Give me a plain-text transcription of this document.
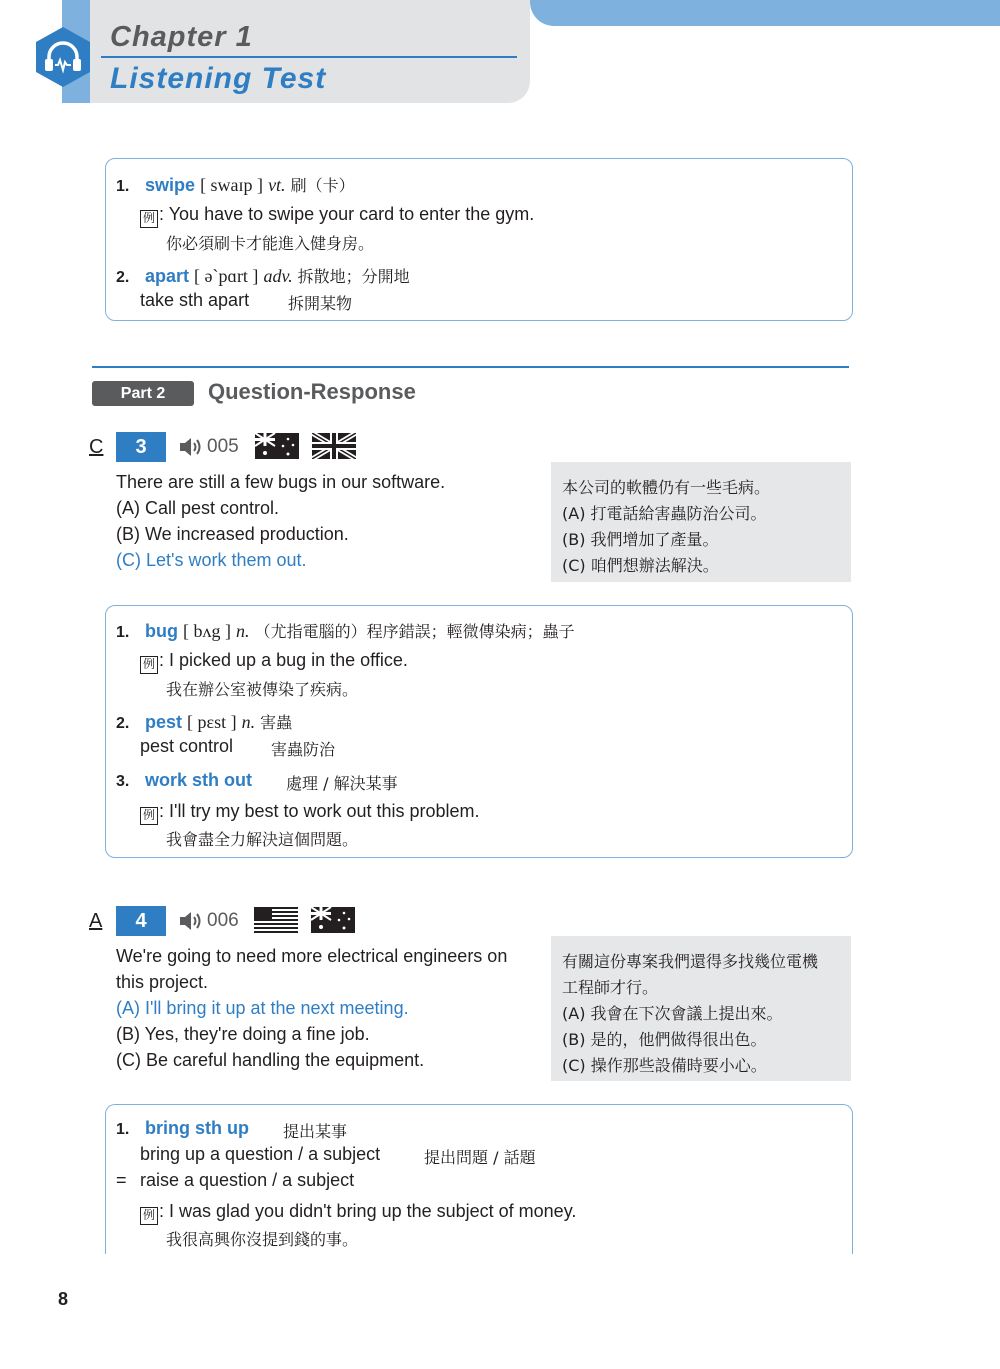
Chapter 1
Listening Test
1. swipe [ swaɪp ] vt. 刷（卡）
例 : You have to swipe your card to enter the gym.
你必須刷卡才能進入健身房。
2. apart [ əˋpɑrt ] adv. 拆散地；分開地
take sth apart 拆開某物
Part 2	Question-Response
C	3	005
There are still a few bugs in our software.
(A) Call pest control.
(B) We increased production.
(C) Let's work them out.
本公司的軟體仍有一些毛病。
(A) 打電話給害蟲防治公司。
(B) 我們增加了產量。
(C) 咱們想辦法解決。
1. bug [ bʌg ] n. （尤指電腦的）程序錯誤；輕微傳染病；蟲子
例 : I picked up a bug in the office.
我在辦公室被傳染了疾病。
2. pest [ pɛst ] n. 害蟲
pest control 害蟲防治
3. work sth out 處理 / 解決某事
例 : I'll try my best to work out this problem.
我會盡全力解決這個問題。
A	4	006
We're going to need more electrical engineers on
this project.
(A) I'll bring it up at the next meeting.
(B) Yes, they're doing a fine job.
(C) Be careful handling the equipment.
有關這份專案我們還得多找幾位電機
工程師才行。
(A) 我會在下次會議上提出來。
(B) 是的，他們做得很出色。
(C) 操作那些設備時要小心。
1. bring sth up 提出某事
bring up a question / a subject	提出問題 / 話題
= raise a question / a subject
例 : I was glad you didn't bring up the subject of money.
我很高興你沒提到錢的事。
8
